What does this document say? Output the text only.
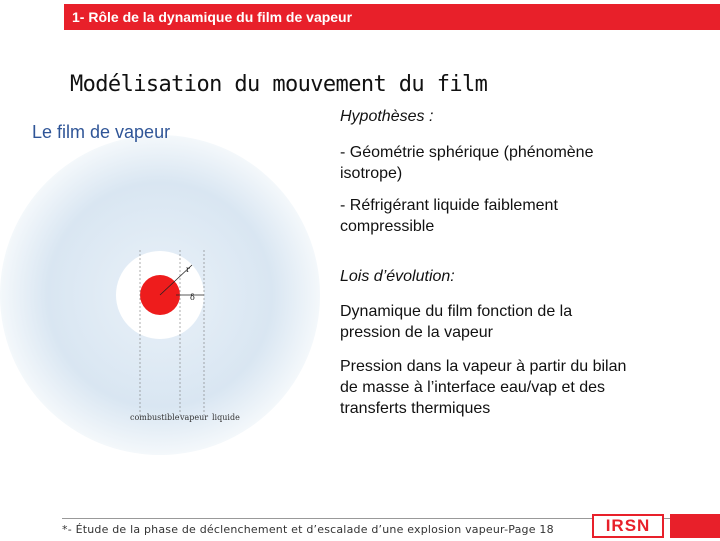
1- Rôle de la dynamique du film de vapeur
Modélisation du mouvement du film
r
δ
combustible vapeur liquide
Le film de vapeur
Hypothèses :
- Géométrie sphérique (phénomène isotrope)
- Réfrigérant liquide faiblement compressible
Lois d’évolution:
Dynamique du film fonction de la pression de la vapeur
Pression dans la vapeur à partir du bilan de masse à l’interface eau/vap et des transferts thermiques
*- Étude de la phase de déclenchement et d’escalade d’une explosion vapeur-Page 18	IRSN
